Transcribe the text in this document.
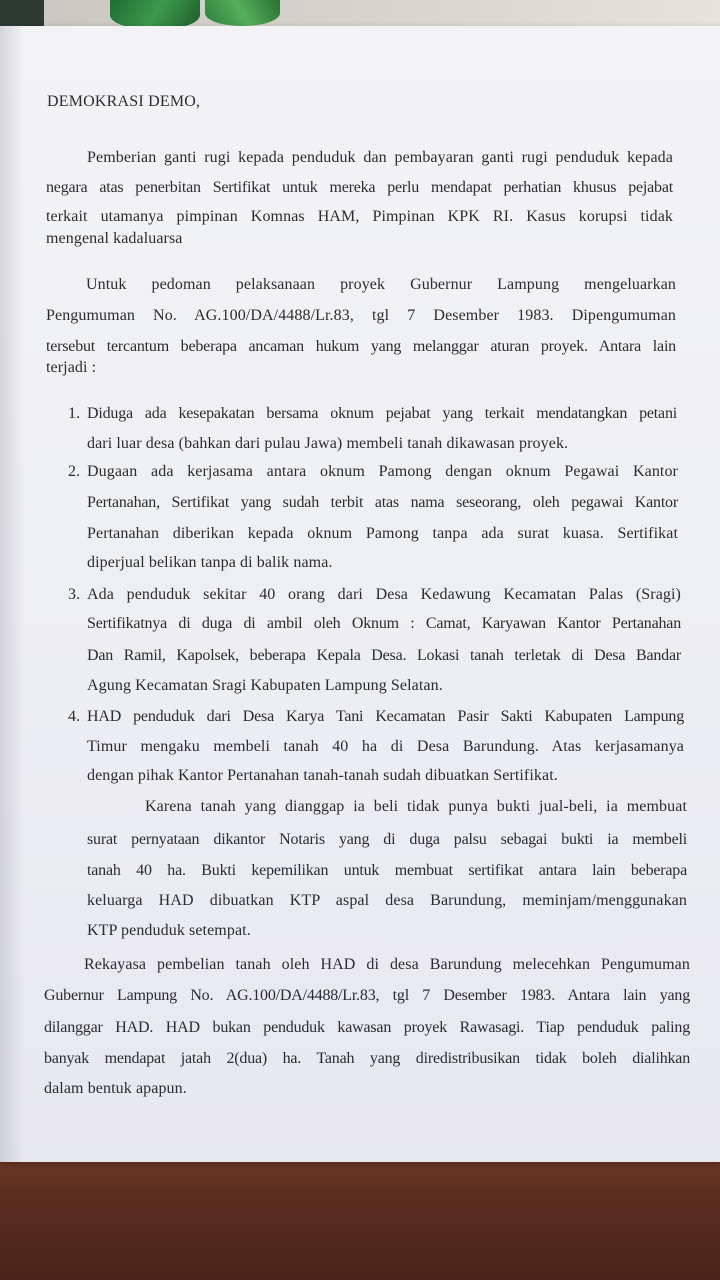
DEMOKRASI DEMO,

Pemberian ganti rugi kepada penduduk dan pembayaran ganti rugi penduduk kepada

negara atas penerbitan Sertifikat untuk mereka perlu mendapat perhatian khusus pejabat

terkait utamanya pimpinan Komnas HAM, Pimpinan KPK RI. Kasus korupsi tidak

mengenal kadaluarsa

Untuk pedoman pelaksanaan proyek Gubernur Lampung mengeluarkan

Pengumuman No. AG.100/DA/4488/Lr.83, tgl 7 Desember 1983. Dipengumuman

tersebut tercantum beberapa ancaman hukum yang melanggar aturan proyek. Antara lain

terjadi :

1. Diduga ada kesepakatan bersama oknum pejabat yang terkait mendatangkan petani

dari luar desa (bahkan dari pulau Jawa) membeli tanah dikawasan proyek.

2. Dugaan ada kerjasama antara oknum Pamong dengan oknum Pegawai Kantor

Pertanahan, Sertifikat yang sudah terbit atas nama seseorang, oleh pegawai Kantor

Pertanahan diberikan kepada oknum Pamong tanpa ada surat kuasa. Sertifikat

diperjual belikan tanpa di balik nama.

3. Ada penduduk sekitar 40 orang dari Desa Kedawung Kecamatan Palas (Sragi)

Sertifikatnya di duga di ambil oleh Oknum : Camat, Karyawan Kantor Pertanahan

Dan Ramil, Kapolsek, beberapa Kepala Desa. Lokasi tanah terletak di Desa Bandar

Agung Kecamatan Sragi Kabupaten Lampung Selatan.

4. HAD penduduk dari Desa Karya Tani Kecamatan Pasir Sakti Kabupaten Lampung

Timur mengaku membeli tanah 40 ha di Desa Barundung. Atas kerjasamanya

dengan pihak Kantor Pertanahan tanah-tanah sudah dibuatkan Sertifikat.

Karena tanah yang dianggap ia beli tidak punya bukti jual-beli, ia membuat

surat pernyataan dikantor Notaris yang di duga palsu sebagai bukti ia membeli

tanah 40 ha. Bukti kepemilikan untuk membuat sertifikat antara lain beberapa

keluarga HAD dibuatkan KTP aspal desa Barundung, meminjam/menggunakan

KTP penduduk setempat.

Rekayasa pembelian tanah oleh HAD di desa Barundung melecehkan Pengumuman

Gubernur Lampung No. AG.100/DA/4488/Lr.83, tgl 7 Desember 1983. Antara lain yang

dilanggar HAD. HAD bukan penduduk kawasan proyek Rawasagi. Tiap penduduk paling

banyak mendapat jatah 2(dua) ha. Tanah yang diredistribusikan tidak boleh dialihkan

dalam bentuk apapun.
